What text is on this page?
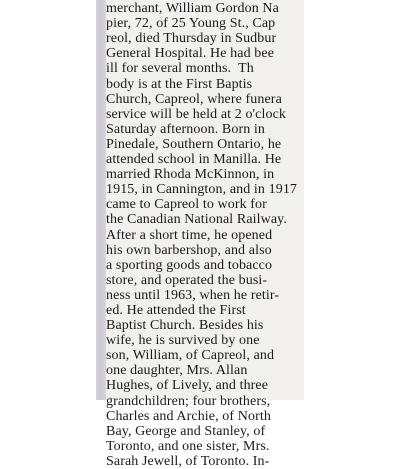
merchant, William Gordon Na
pier, 72, of 25 Young St., Cap
reol, died Thursday in Sudbur
General Hospital. He had bee
ill for several months.  Th
body is at the First Baptis
Church, Capreol, where funera
service will be held at 2 o'clock
Saturday afternoon. Born in
Pinedale, Southern Ontario, he
attended school in Manilla. He
married Rhoda McKinnon, in
1915, in Cannington, and in 1917
came to Capreol to work for
the Canadian National Railway.
After a short time, he opened
his own barbershop, and also
a sporting goods and tobacco
store, and operated the busi-
ness until 1963, when he retir-
ed. He attended the First
Baptist Church. Besides his
wife, he is survived by one
son, William, of Capreol, and
one daughter, Mrs. Allan
Hughes, of Lively, and three
grandchildren; four brothers,
Charles and Archie, of North
Bay, George and Stanley, of
Toronto, and one sister, Mrs.
Sarah Jewell, of Toronto. In-
